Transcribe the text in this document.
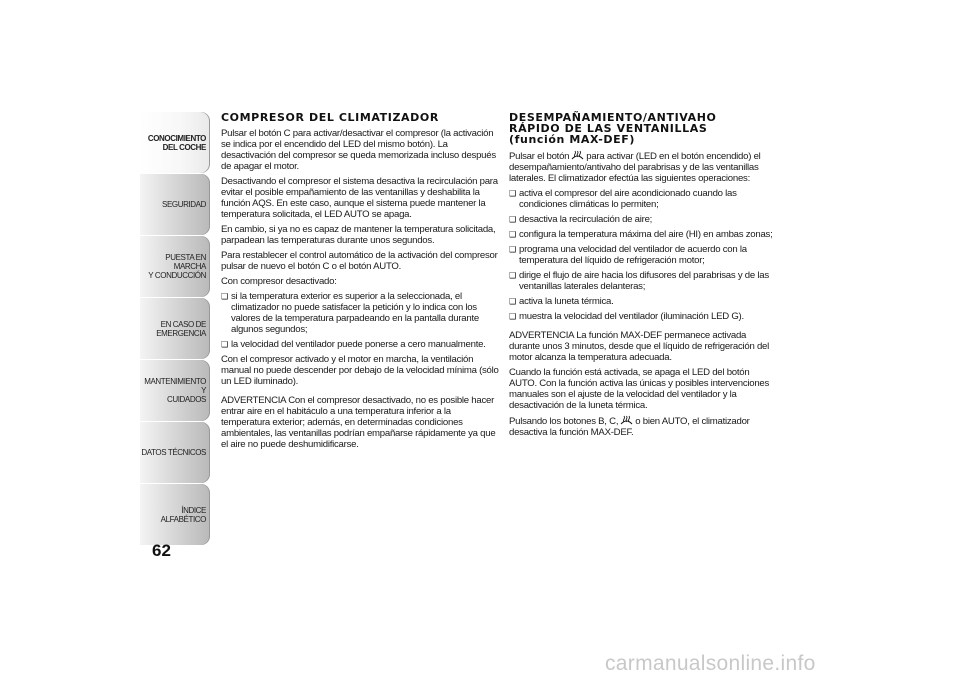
CONOCIMIENTO
DEL COCHE
SEGURIDAD
PUESTA EN MARCHA
Y CONDUCCIÓN
EN CASO DE
EMERGENCIA
MANTENIMIENTO Y
CUIDADOS
DATOS TÉCNICOS
ÍNDICE ALFABÉTICO
62
COMPRESOR DEL CLIMATIZADOR

Pulsar el botón C para activar/desactivar el compresor (la activación se indica por el encendido del LED del mismo botón). La desactivación del compresor se queda memorizada incluso después de apagar el motor.

Desactivando el compresor el sistema desactiva la recirculación para evitar el posible empañamiento de las ventanillas y deshabilita la función AQS. En este caso, aunque el sistema puede mantener la temperatura solicitada, el LED AUTO se apaga.

En cambio, si ya no es capaz de mantener la temperatura solicitada, parpadean las temperaturas durante unos segundos.

Para restablecer el control automático de la activación del compresor pulsar de nuevo el botón C o el botón AUTO.

Con compresor desactivado:

❑ si la temperatura exterior es superior a la seleccionada, el climatizador no puede satisfacer la petición y lo indica con los valores de la temperatura parpadeando en la pantalla durante algunos segundos;
❑ la velocidad del ventilador puede ponerse a cero manualmente.

Con el compresor activado y el motor en marcha, la ventilación manual no puede descender por debajo de la velocidad mínima (sólo un LED iluminado).

ADVERTENCIA Con el compresor desactivado, no es posible hacer entrar aire en el habitáculo a una temperatura inferior a la temperatura exterior; además, en determinadas condiciones ambientales, las ventanillas podrían empañarse rápidamente ya que el aire no puede deshumidificarse.

DESEMPAÑAMIENTO/ANTIVAHO
RÁPIDO DE LAS VENTANILLAS
(función MAX-DEF)

Pulsar el botón para activar (LED en el botón encendido) el desempañamiento/antivaho del parabrisas y de las ventanillas laterales. El climatizador efectúa las siguientes operaciones:

❑ activa el compresor del aire acondicionado cuando las condiciones climáticas lo permiten;
❑ desactiva la recirculación de aire;
❑ configura la temperatura máxima del aire (HI) en ambas zonas;
❑ programa una velocidad del ventilador de acuerdo con la temperatura del líquido de refrigeración motor;
❑ dirige el flujo de aire hacia los difusores del parabrisas y de las ventanillas laterales delanteras;
❑ activa la luneta térmica.
❑ muestra la velocidad del ventilador (iluminación LED G).

ADVERTENCIA La función MAX-DEF permanece activada durante unos 3 minutos, desde que el líquido de refrigeración del motor alcanza la temperatura adecuada.

Cuando la función está activada, se apaga el LED del botón AUTO. Con la función activa las únicas y posibles intervenciones manuales son el ajuste de la velocidad del ventilador y la desactivación de la luneta térmica.

Pulsando los botones B, C, o bien AUTO, el climatizador desactiva la función MAX-DEF.

carmanualsonline.info
